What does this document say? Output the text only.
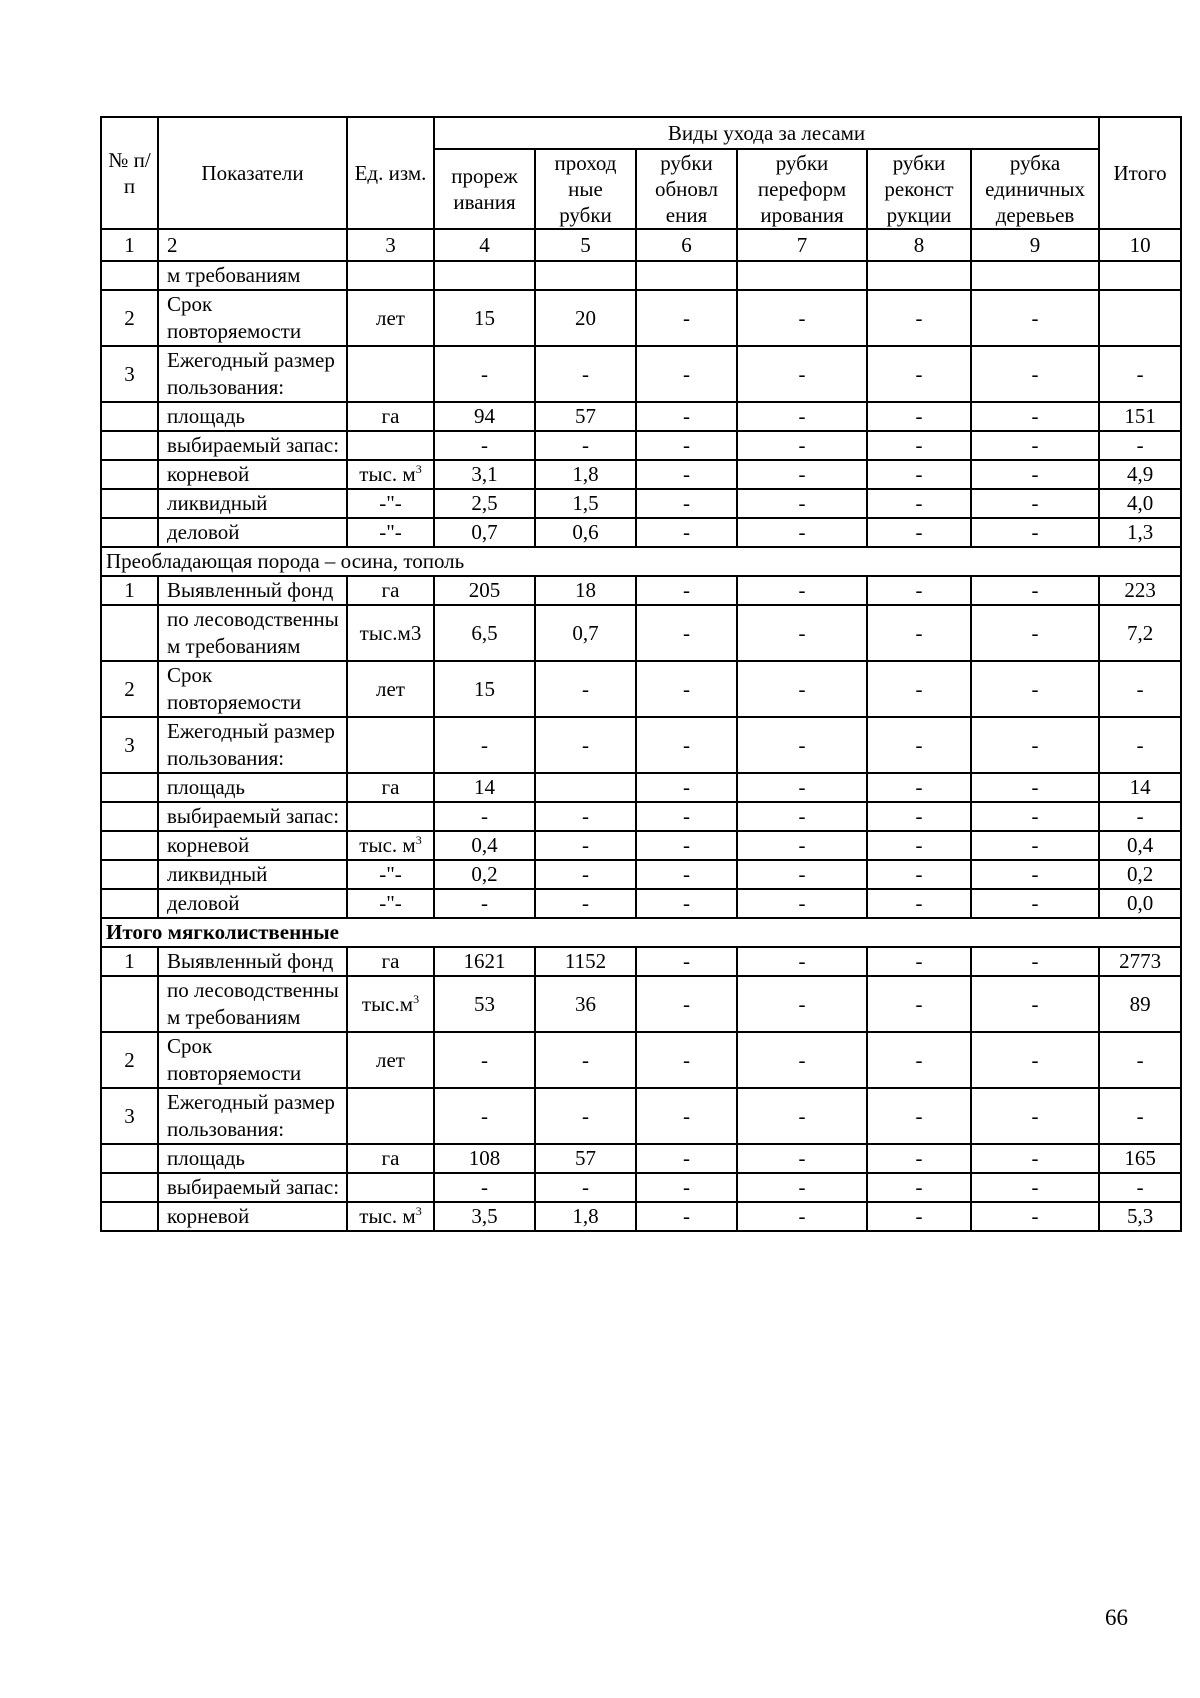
№ п/п	Показатели	Ед. изм.	Виды ухода за лесами						Итого
			прореж ивания	проход ные рубки	рубки обновл ения	рубки переформ ирования	рубки реконст рукции	рубка единичных деревьев	
1	2	3	4	5	6	7	8	9	10
	м требованиям								
2	Срок повторяемости	лет	15	20	-	-	-	-	
3	Ежегодный размер пользования:		-	-	-	-	-	-	-
	площадь	га	94	57	-	-	-	-	151
	выбираемый запас:		-	-	-	-	-	-	-
	корневой	тыс. $м^3$	3,1	1,8	-	-	-	-	4,9
	ликвидный	-"-	2,5	1,5	-	-	-	-	4,0
	деловой	-"-	0,7	0,6	-	-	-	-	1,3
Преобладающая порода – осина, тополь									
1	Выявленный фонд	га	205	18	-	-	-	-	223
	по лесоводственны м требованиям	тыс.м3	6,5	0,7	-	-	-	-	7,2
2	Срок повторяемости	лет	15	-	-	-	-	-	-
3	Ежегодный размер пользования:		-	-	-	-	-	-	-
	площадь	га	14		-	-	-	-	14
	выбираемый запас:		-	-	-	-	-	-	-
	корневой	тыс. $м^3$	0,4	-	-	-	-	-	0,4
	ликвидный	-"-	0,2	-	-	-	-	-	0,2
	деловой	-"-	-	-	-	-	-	-	0,0
Итого мягколиственные									
1	Выявленный фонд	га	1621	1152	-	-	-	-	2773
	по лесоводственны м требованиям	$тыс.м^3$	53	36	-	-	-	-	89
2	Срок повторяемости	лет	-	-	-	-	-	-	-
3	Ежегодный размер пользования:		-	-	-	-	-	-	-
	площадь	га	108	57	-	-	-	-	165
	выбираемый запас:		-	-	-	-	-	-	-
	корневой	тыс. $м^3$	3,5	1,8	-	-	-	-	5,3
66
